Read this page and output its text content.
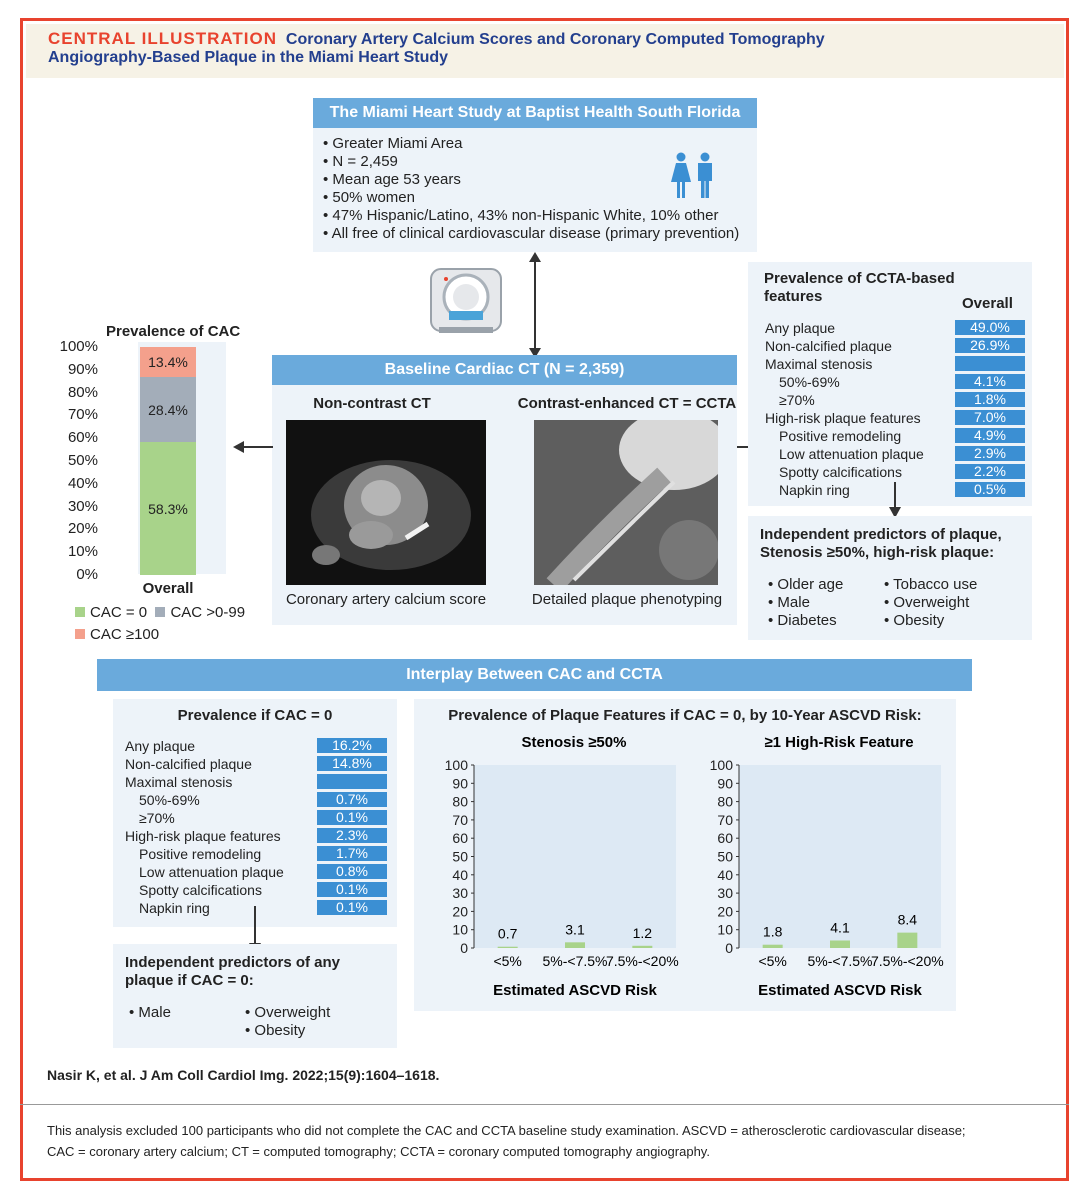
CENTRAL ILLUSTRATION Coronary Artery Calcium Scores and Coronary Computed Tomography
Angiography-Based Plaque in the Miami Heart Study
The Miami Heart Study at Baptist Health South Florida
• Greater Miami Area
• N = 2,459
• Mean age 53 years
• 50% women
• 47% Hispanic/Latino, 43% non-Hispanic White, 10% other
• All free of clinical cardiovascular disease (primary prevention)
Baseline Cardiac CT (N = 2,359)
Non-contrast CT	Contrast-enhanced CT = CCTA
Coronary artery calcium score	Detailed plaque phenotyping
Prevalence of CAC
100%
90%
80%
70%
60%
50%
40%
30%
20%
10%
0%
58.3%
28.4%
13.4%
Overall
CAC = 0 CAC >0-99
CAC ≥100
Prevalence of CCTA-based
features	Overall
Any plaque	49.0%
Non-calcified plaque	26.9%
Maximal stenosis
50%-69%	4.1%
≥70%	1.8%
High-risk plaque features	7.0%
Positive remodeling	4.9%
Low attenuation plaque	2.9%
Spotty calcifications	2.2%
Napkin ring	0.5%
Independent predictors of plaque,
Stenosis ≥50%, high-risk plaque:
• Older age
• Male
• Diabetes
• Tobacco use
• Overweight
• Obesity
Interplay Between CAC and CCTA
Prevalence if CAC = 0
Any plaque	16.2%
Non-calcified plaque	14.8%
Maximal stenosis
50%-69%	0.7%
≥70%	0.1%
High-risk plaque features	2.3%
Positive remodeling	1.7%
Low attenuation plaque	0.8%
Spotty calcifications	0.1%
Napkin ring	0.1%
Independent predictors of any
plaque if CAC = 0:
• Male	• Overweight
• Obesity
Prevalence of Plaque Features if CAC = 0, by 10-Year ASCVD Risk:
Stenosis ≥50%
100
90
80
70
60
50
40
30
20
10
0
0.7
<5%
3.1
5%-<7.5%
1.2
7.5%-<20%
Estimated ASCVD Risk
≥1 High-Risk Feature
100
90
80
70
60
50
40
30
20
10
0
1.8
<5%
4.1
5%-<7.5%
8.4
7.5%-<20%
Estimated ASCVD Risk
Nasir K, et al. J Am Coll Cardiol Img. 2022;15(9):1604–1618.
This analysis excluded 100 participants who did not complete the CAC and CCTA baseline study examination. ASCVD = atherosclerotic cardiovascular disease;
CAC = coronary artery calcium; CT = computed tomography; CCTA = coronary computed tomography angiography.
